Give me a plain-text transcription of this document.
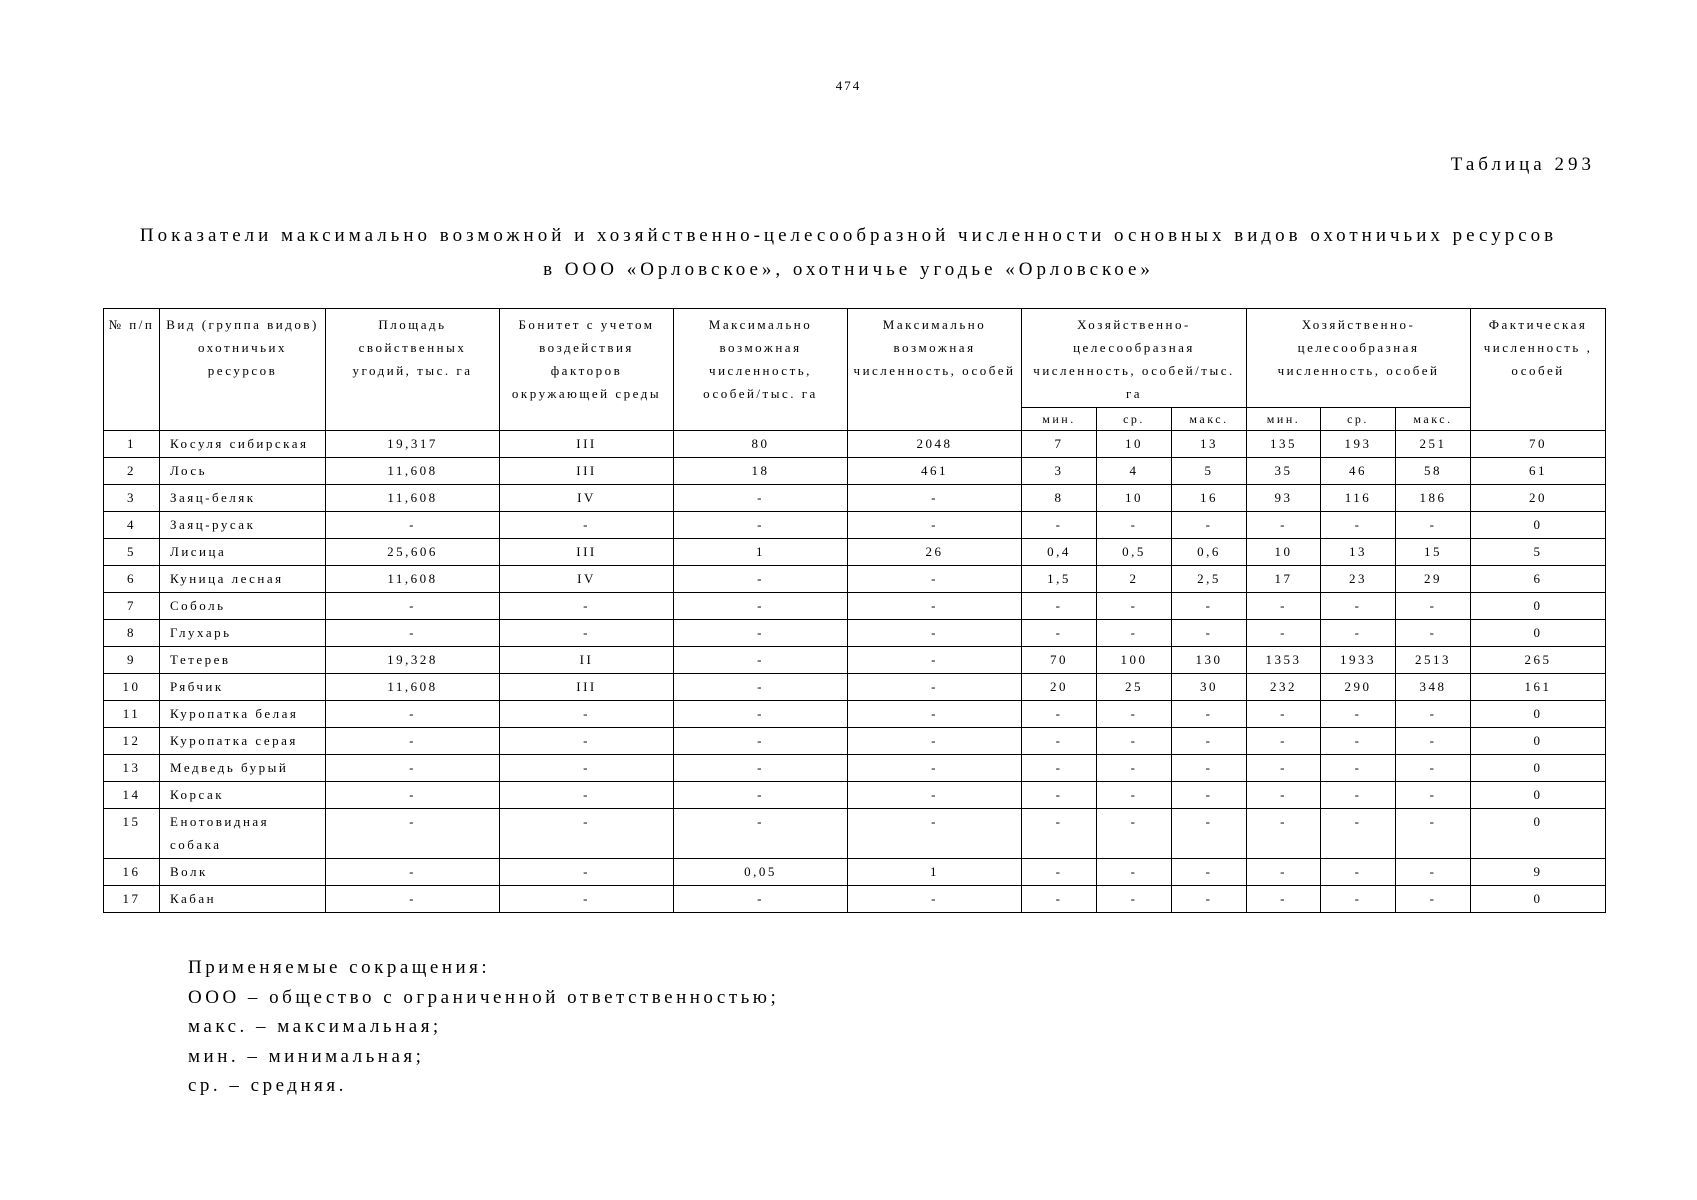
474
Таблица 293
Показатели максимально возможной и хозяйственно-целесообразной численности основных видов охотничьих ресурсов
в ООО «Орловское», охотничье угодье «Орловское»
№ п/п	Вид (группа видов) охотничьих ресурсов	Площадь свойственных угодий, тыс. га	Бонитет с учетом воздействия факторов окружающей среды	Максимально возможная численность, особей/тыс. га	Максимально возможная численность, особей	Хозяйственно-целесообразная численность, особей/тыс. га			Хозяйственно-целесообразная численность, особей			Фактическая численность , особей
						мин.	ср.	макс.	мин.	ср.	макс.	
1	Косуля сибирская	19,317	III	80	2048	7	10	13	135	193	251	70
2	Лось	11,608	III	18	461	3	4	5	35	46	58	61
3	Заяц-беляк	11,608	IV	-	-	8	10	16	93	116	186	20
4	Заяц-русак	-	-	-	-	-	-	-	-	-	-	0
5	Лисица	25,606	III	1	26	0,4	0,5	0,6	10	13	15	5
6	Куница лесная	11,608	IV	-	-	1,5	2	2,5	17	23	29	6
7	Соболь	-	-	-	-	-	-	-	-	-	-	0
8	Глухарь	-	-	-	-	-	-	-	-	-	-	0
9	Тетерев	19,328	II	-	-	70	100	130	1353	1933	2513	265
10	Рябчик	11,608	III	-	-	20	25	30	232	290	348	161
11	Куропатка белая	-	-	-	-	-	-	-	-	-	-	0
12	Куропатка серая	-	-	-	-	-	-	-	-	-	-	0
13	Медведь бурый	-	-	-	-	-	-	-	-	-	-	0
14	Корсак	-	-	-	-	-	-	-	-	-	-	0
15	Енотовидная собака	-	-	-	-	-	-	-	-	-	-	0
16	Волк	-	-	0,05	1	-	-	-	-	-	-	9
17	Кабан	-	-	-	-	-	-	-	-	-	-	0
Применяемые сокращения:
ООО – общество с ограниченной ответственностью;
макс. – максимальная;
мин. – минимальная;
ср. – средняя.
